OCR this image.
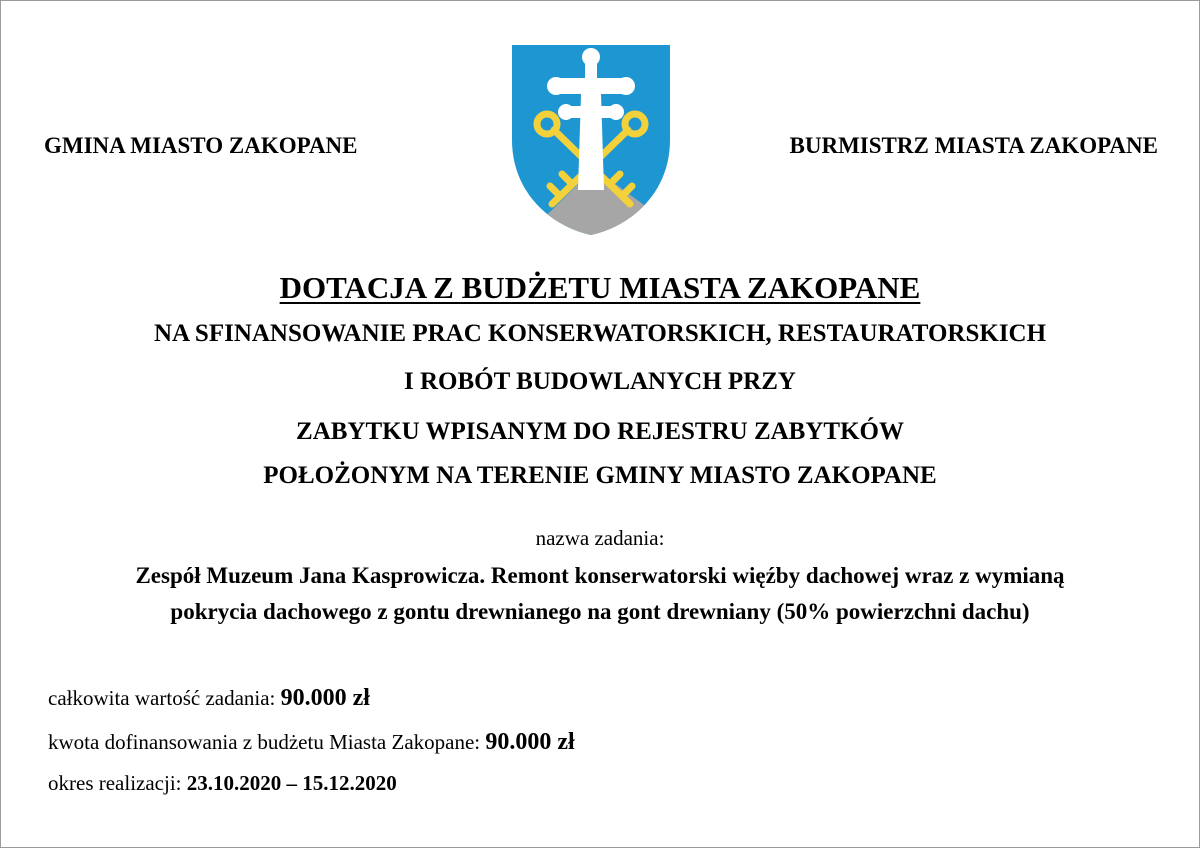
GMINA MIASTO ZAKOPANE	BURMISTRZ MIASTA ZAKOPANE
DOTACJA Z BUDŻETU MIASTA ZAKOPANE
NA SFINANSOWANIE PRAC KONSERWATORSKICH, RESTAURATORSKICH
I ROBÓT BUDOWLANYCH PRZY
ZABYTKU WPISANYM DO REJESTRU ZABYTKÓW
POŁOŻONYM NA TERENIE GMINY MIASTO ZAKOPANE
nazwa zadania:
Zespół Muzeum Jana Kasprowicza. Remont konserwatorski więźby dachowej wraz z wymianą
pokrycia dachowego z gontu drewnianego na gont drewniany (50% powierzchni dachu)
całkowita wartość zadania: 90.000 zł
kwota dofinansowania z budżetu Miasta Zakopane: 90.000 zł
okres realizacji: 23.10.2020 – 15.12.2020
